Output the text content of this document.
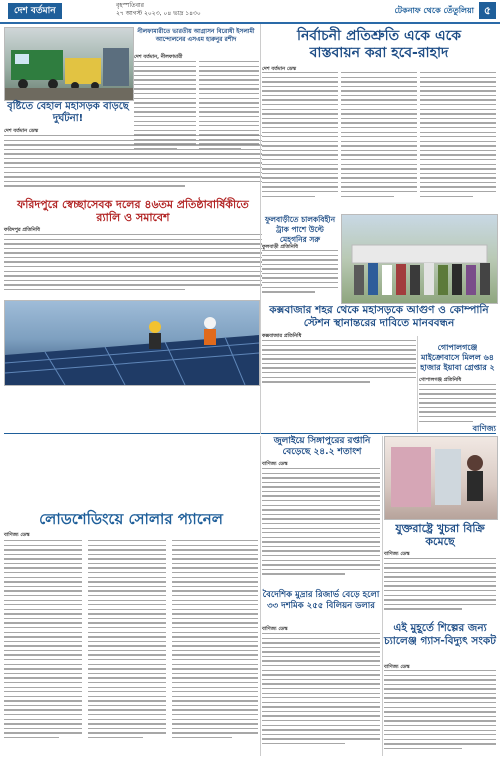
দেশ বর্তমান
বৃহস্পতিবার
২৭ আগস্ট ২০২৩, ০৪ ভাদ্র ১৪৩০	টেকনাফ থেকে তেঁতুলিয়া ৫
বৃষ্টিতে বেহাল মহাসড়ক বাড়ছে দুর্ঘটনা!
দেশ বর্তমান ডেস্ক
নীলফামারীতে ভারতীয় আগ্রাসন বিরোধী ইসলামী আন্দোলনের এসএম হারুনুর রশীদ
দেশ বর্তমান, নীলফামারী
নির্বাচনী প্রতিশ্রুতি একে একে
বাস্তবায়ন করা হবে-রাহাদ
দেশ বর্তমান ডেস্ক
ফরিদপুরে স্বেচ্ছাসেবক দলের ৪৬তম প্রতিষ্ঠাবার্ষিকীতে র‍্যালি ও সমাবেশ
ফরিদপুর প্রতিনিধি
ফুলবাড়ীতে চালকবিহীন ট্রাক পাশে উল্টে মেহগনির সরু
ফুলবাড়ী প্রতিনিধি
কক্সবাজার শহর থেকে মহাসড়কে আগুণ ও কোম্পানি স্টেশন স্থানান্তরের দাবিতে মানববন্ধন
কক্সবাজার প্রতিনিধি
গোপালগঞ্জে মাইক্রোবাসে মিলল ৬৪ হাজার ইয়াবা গ্রেপ্তার ২
গোপালগঞ্জ প্রতিনিধি
বাণিজ্য
লোডশেডিংয়ে সোলার প্যানেল
বাণিজ্য ডেস্ক
জুলাইয়ে সিঙ্গাপুরের রপ্তানি বেড়েছে ২৪.২ শতাংশ
বাণিজ্য ডেস্ক
যুক্তরাষ্ট্রে খুচরা বিক্রি কমেছে
বাণিজ্য ডেস্ক
বৈদেশিক মুদ্রার রিজার্ভ বেড়ে হলো ৩৩ দশমিক ২৫৫ বিলিয়ন ডলার
বাণিজ্য ডেস্ক	এই মুহূর্তে শিল্পের জন্য চ্যালেঞ্জ গ্যাস-বিদ্যুৎ সংকট
বাণিজ্য ডেস্ক
